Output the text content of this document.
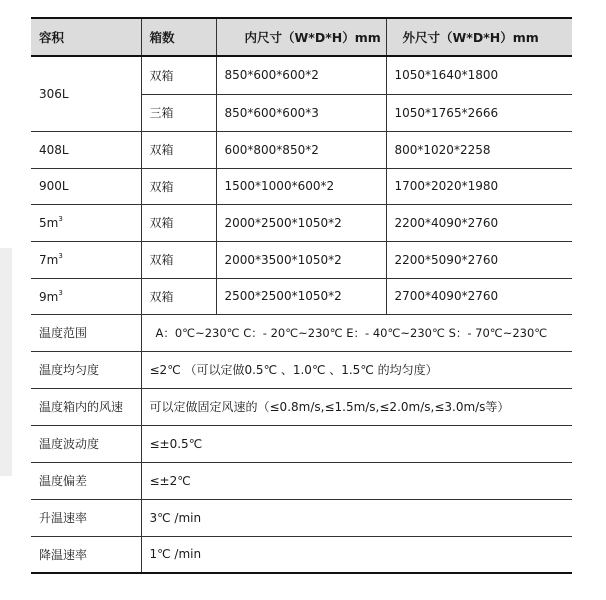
容积	箱数	内尺寸（W*D*H）mm	外尺寸（W*D*H）mm
306L	双箱	850*600*600*2	1050*1640*1800
	三箱	850*600*600*3	1050*1765*2666
408L	双箱	600*800*850*2	800*1020*2258
900L	双箱	1500*1000*600*2	1700*2020*1980
$5m^3$	双箱	2000*2500*1050*2	2200*4090*2760
$7m^3$	双箱	2000*3500*1050*2	2200*5090*2760
$9m^3$	双箱	2500*2500*1050*2	2700*4090*2760
温度范围	A：0℃~230℃ C：- 20℃~230℃ E：- 40℃~230℃ S：- 70℃~230℃		
温度均匀度	≤2℃ （可以定做0.5℃ 、1.0℃ 、1.5℃ 的均匀度）		
温度箱内的风速	可以定做固定风速的（≤0.8m/s,≤1.5m/s,≤2.0m/s,≤3.0m/s等）		
温度波动度	≤±0.5℃		
温度偏差	≤±2℃		
升温速率	3℃ /min		
降温速率	1℃ /min		
